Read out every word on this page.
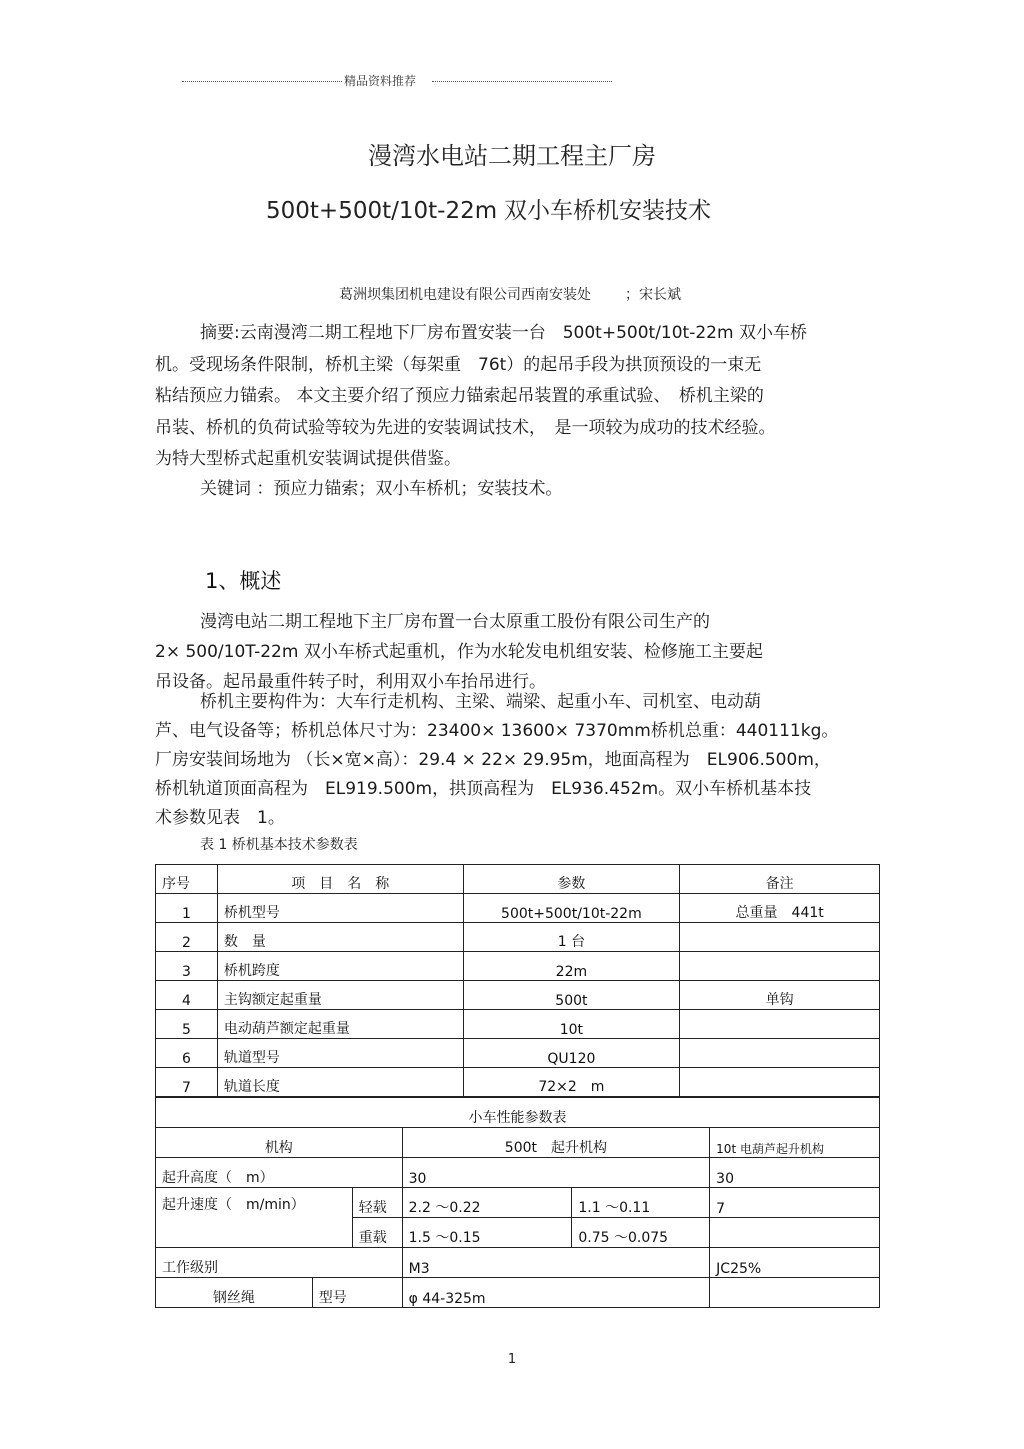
精品资料推荐
漫湾水电站二期工程主厂房
500t+500t/10t-22m 双小车桥机安装技术
葛洲坝集团机电建设有限公司西南安装处 ；宋长斌

摘要:云南漫湾二期工程地下厂房布置安装一台　500t+500t/10t-22m 双小车桥

机。受现场条件限制，桥机主梁（每架重　76t）的起吊手段为拱顶预设的一束无

粘结预应力锚索。 本文主要介绍了预应力锚索起吊装置的承重试验、　桥机主梁的

吊装、桥机的负荷试验等较为先进的安装调试技术，　是一项较为成功的技术经验。

为特大型桥式起重机安装调试提供借鉴。

关键词 ：预应力锚索；双小车桥机；安装技术。

1、概述

漫湾电站二期工程地下主厂房布置一台太原重工股份有限公司生产的

2× 500/10T-22m 双小车桥式起重机，作为水轮发电机组安装、检修施工主要起

吊设备。起吊最重件转子时，利用双小车抬吊进行。

桥机主要构件为：大车行走机构、主梁、端梁、起重小车、司机室、电动葫

芦、电气设备等；桥机总体尺寸为：23400× 13600× 7370mm桥机总重：440111kg。

厂房安装间场地为 （长×宽×高）：29.4 × 22× 29.95m，地面高程为　EL906.500m，

桥机轨道顶面高程为　EL919.500m，拱顶高程为　EL936.452m。双小车桥机基本技

术参数见表　1。

表 1 桥机基本技术参数表
序号	项　目　名　称	参数	备注
1	桥机型号	500t+500t/10t-22m	总重量　441t
2	数　量	1 台	
3	桥机跨度	22m	
4	主钩额定起重量	500t	单钩
5	电动葫芦额定起重量	10t	
6	轨道型号	QU120	
7	轨道长度	72×2　m	
小车性能参数表					
机构			500t　起升机构		10t 电葫芦起升机构
起升高度（　m）			30		30
起升速度（　m/min）		轻载	2.2 ～0.22	1.1 ～0.11	7
		重载	1.5 ～0.15	0.75 ～0.075	
工作级别			M3		JC25%
钢丝绳	型号		φ 44-325m		
1
